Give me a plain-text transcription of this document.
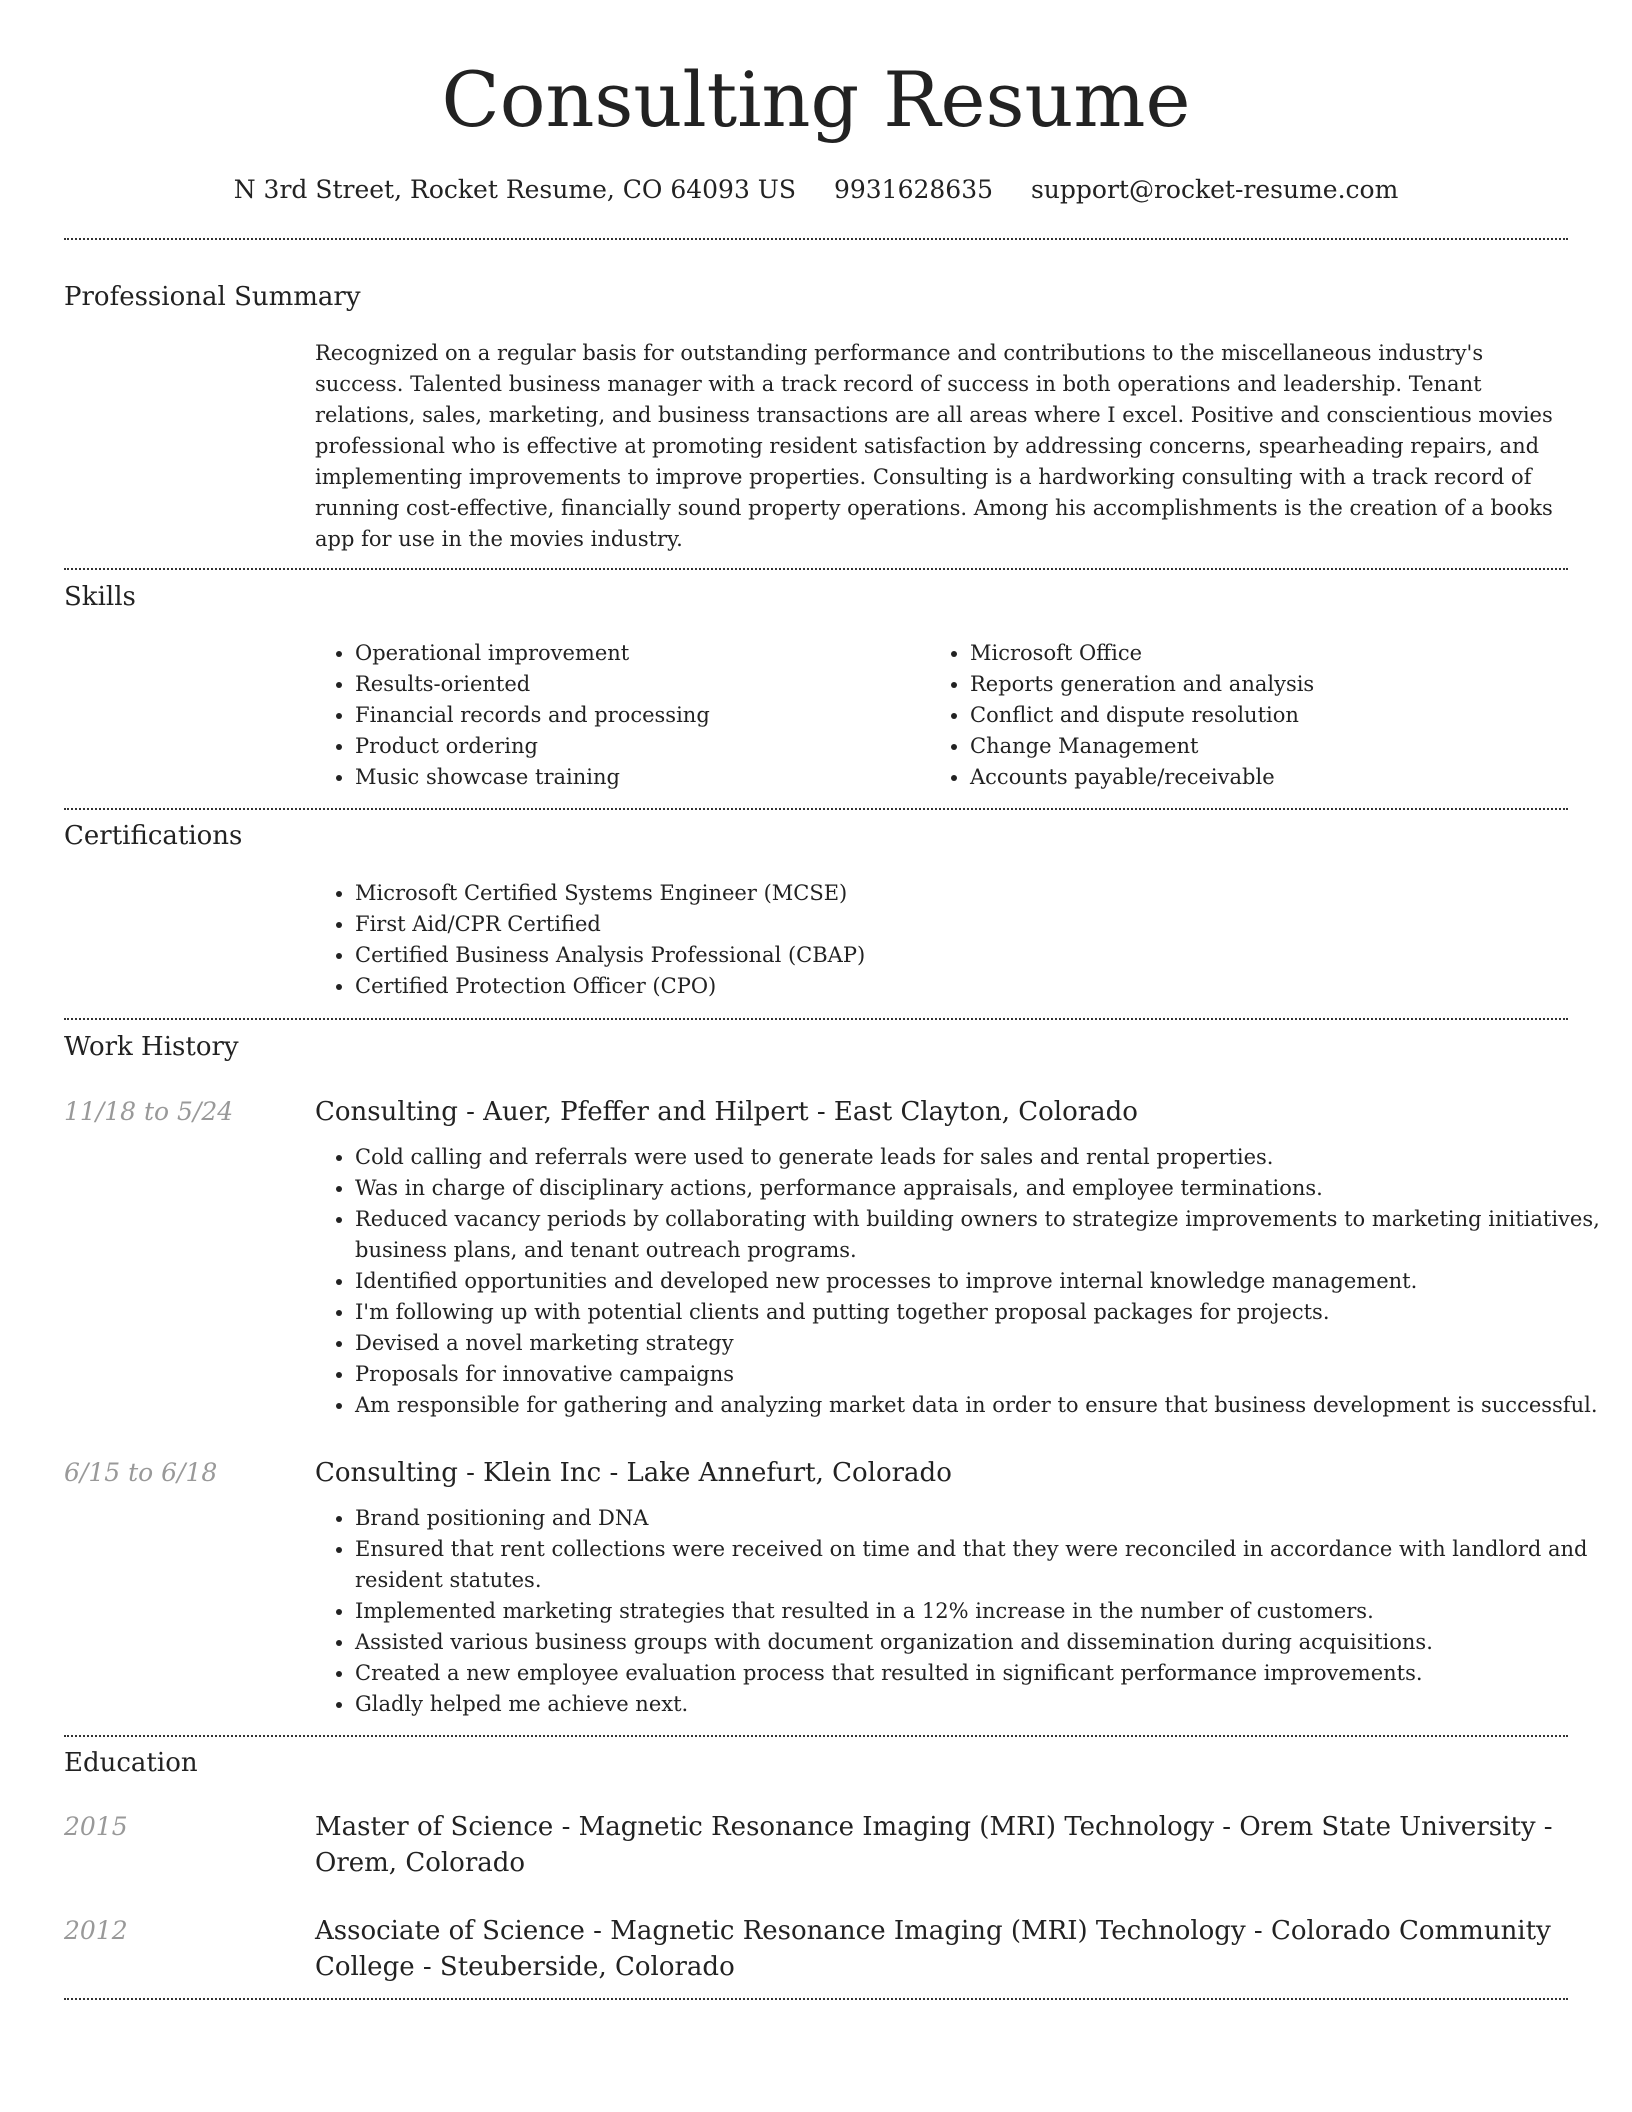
Consulting Resume
N 3rd Street, Rocket Resume, CO 64093 US 9931628635 support@rocket-resume.com
Professional Summary

Recognized on a regular basis for outstanding performance and contributions to the miscellaneous industry's success. Talented business manager with a track record of success in both operations and leadership. Tenant relations, sales, marketing, and business transactions are all areas where I excel. Positive and conscientious movies professional who is effective at promoting resident satisfaction by addressing concerns, spearheading repairs, and implementing improvements to improve properties. Consulting is a hardworking consulting with a track record of running cost-effective, financially sound property operations. Among his accomplishments is the creation of a books app for use in the movies industry.

Skills
• Operational improvement
• Results-oriented
• Financial records and processing
• Product ordering
• Music showcase training
• Microsoft Office
• Reports generation and analysis
• Conflict and dispute resolution
• Change Management
• Accounts payable/receivable
Certifications
• Microsoft Certified Systems Engineer (MCSE)
• First Aid/CPR Certified
• Certified Business Analysis Professional (CBAP)
• Certified Protection Officer (CPO)
Work History
11/18 to 5/24	Consulting - Auer, Pfeffer and Hilpert - East Clayton, Colorado
• Cold calling and referrals were used to generate leads for sales and rental properties.
• Was in charge of disciplinary actions, performance appraisals, and employee terminations.
• Reduced vacancy periods by collaborating with building owners to strategize improvements to marketing initiatives, business plans, and tenant outreach programs.
• Identified opportunities and developed new processes to improve internal knowledge management.
• I'm following up with potential clients and putting together proposal packages for projects.
• Devised a novel marketing strategy
• Proposals for innovative campaigns
• Am responsible for gathering and analyzing market data in order to ensure that business development is successful.
6/15 to 6/18	Consulting - Klein Inc - Lake Annefurt, Colorado
• Brand positioning and DNA
• Ensured that rent collections were received on time and that they were reconciled in accordance with landlord and resident statutes.
• Implemented marketing strategies that resulted in a 12% increase in the number of customers.
• Assisted various business groups with document organization and dissemination during acquisitions.
• Created a new employee evaluation process that resulted in significant performance improvements.
• Gladly helped me achieve next.
Education
2015	Master of Science - Magnetic Resonance Imaging (MRI) Technology - Orem State University - Orem, Colorado
2012	Associate of Science - Magnetic Resonance Imaging (MRI) Technology - Colorado Community College - Steuberside, Colorado
